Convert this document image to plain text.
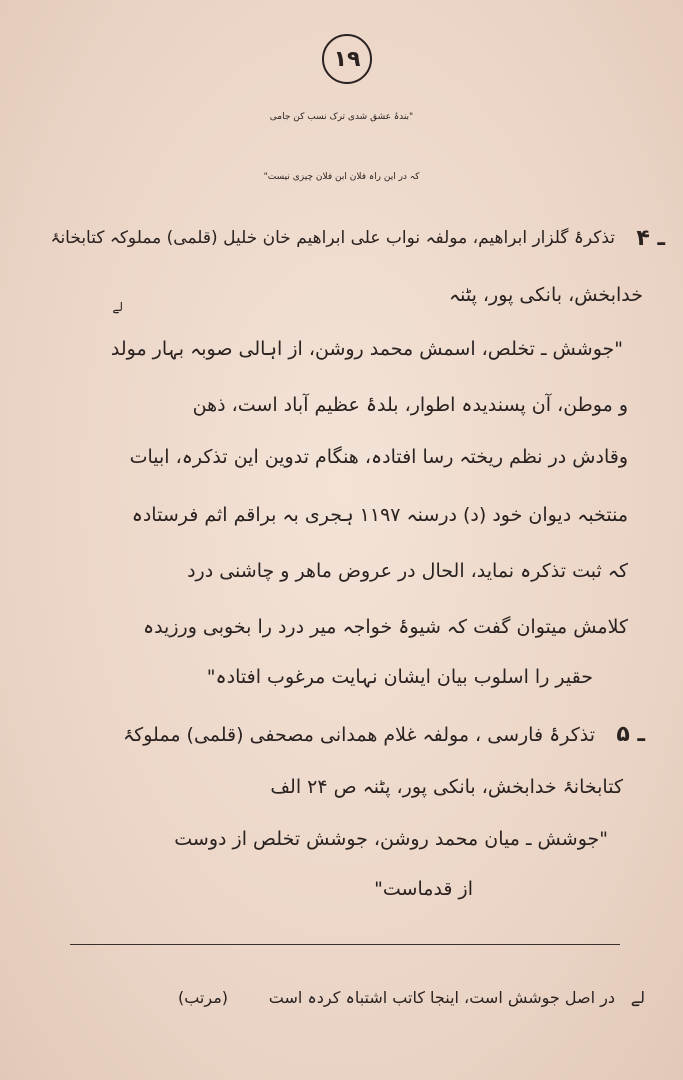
١٩
"بندۂ عشق شدی ترک نسب کن جامی
کہ در این راہ فلان ابن فلان چیزی نیست"
۴ ـ
تذکرۂ گلزار ابراھیم، مولفہ نواب علی ابراھیم خان خلیل (قلمی) مملوکہ کتابخانۂ
خدابخش، بانکی پور، پٹنہ
لے
"جوشش ـ تخلص، اسمش محمد روشن، از اہالی صوبہ بہار مولد
و موطن، آن پسندیدہ اطوار، بلدۂ عظیم آباد است، ذھن
وقادش در نظم ریختہ رسا افتادہ، ھنگام تدوین این تذکرہ، ابیات
منتخبہ دیوان خود (د) درسنہ ۱۱۹۷ ہجری بہ براقم اثم فرستادہ
کہ ثبت تذکرہ نماید، الحال در عروض ماھر و چاشنی درد
کلامش میتوان گفت کہ شیوۂ خواجہ میر درد را بخوبی ورزیدہ
حقیر را اسلوب بیان ایشان نہایت مرغوب افتادہ"
۵ ـ
تذکرۂ فارسی ، مولفہ غلام ھمدانی مصحفی (قلمی) مملوکۂ
کتابخانۂ خدابخش، بانکی پور، پٹنہ ص ۲۴ الف
"جوشش ـ میان محمد روشن، جوشش تخلص از دوست
از قدماست"
لے
در اصل جوشش است، اینجا کاتب اشتباہ کردہ است
(مرتب)
